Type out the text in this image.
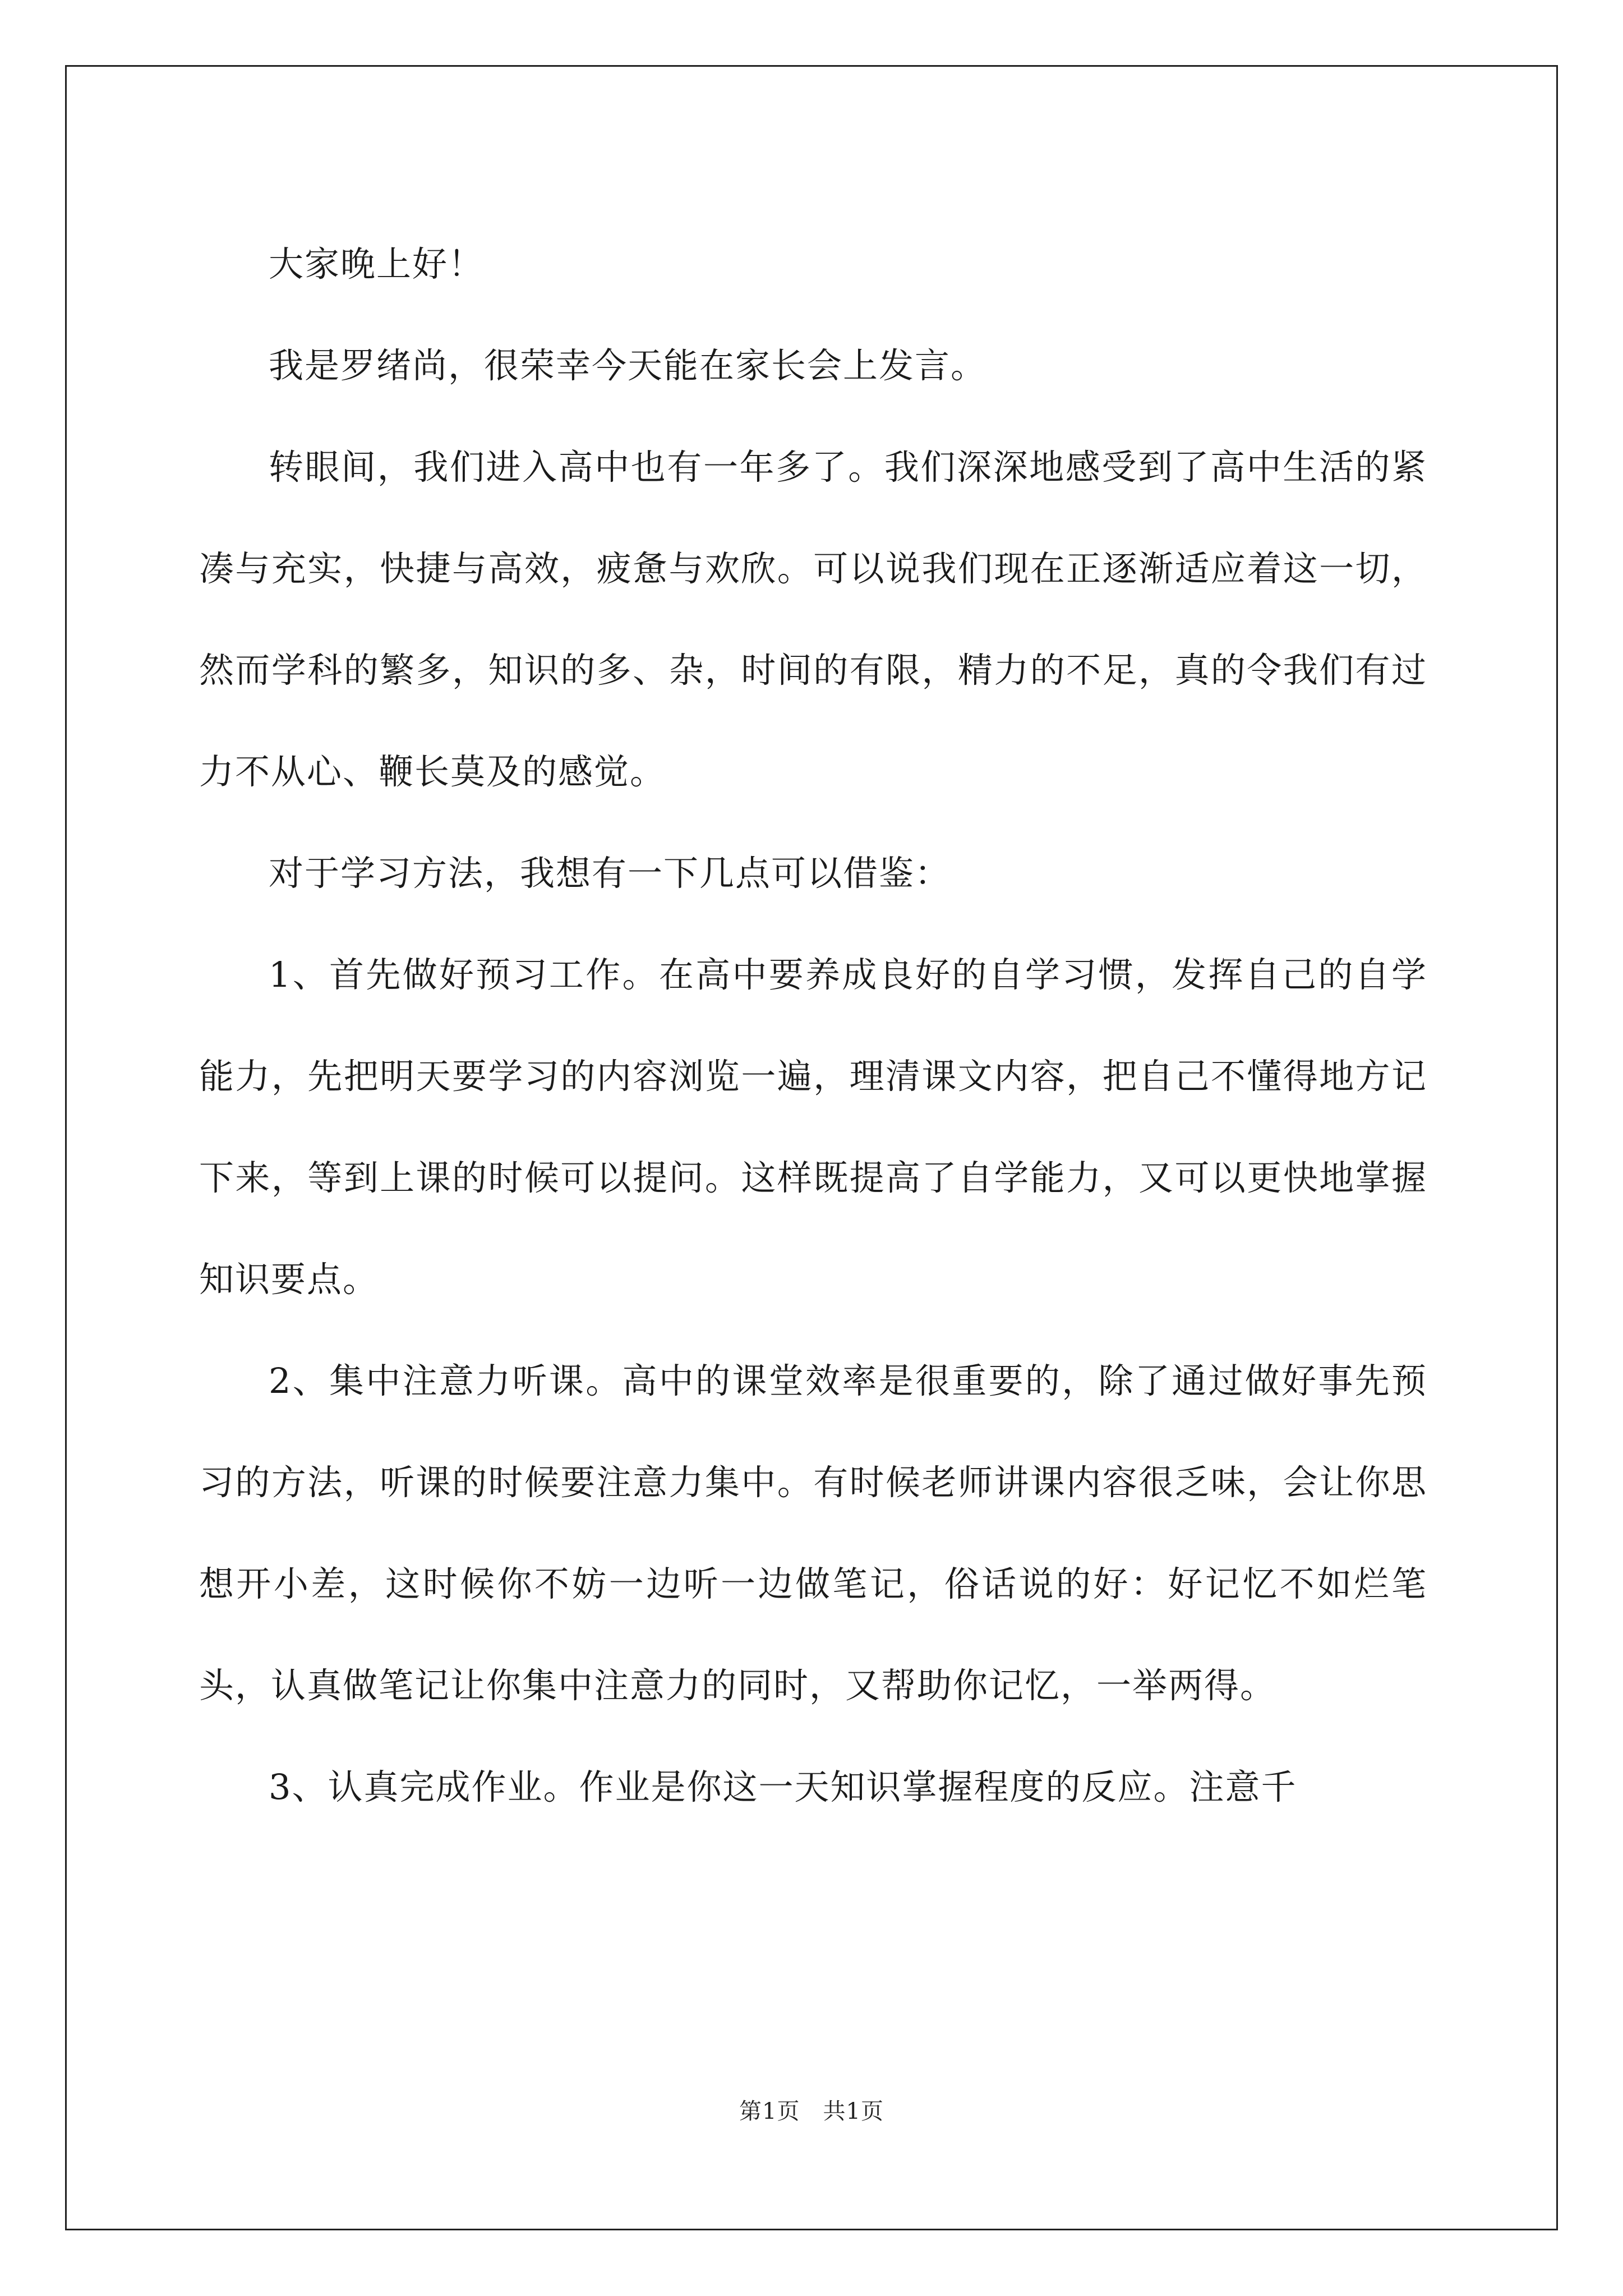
大家晚上好！

我是罗绪尚，很荣幸今天能在家长会上发言。

转眼间，我们进入高中也有一年多了。我们深深地感受到了高中生活的紧凑与充实，快捷与高效，疲惫与欢欣。可以说我们现在正逐渐适应着这一切，然而学科的繁多，知识的多、杂，时间的有限，精力的不足，真的令我们有过力不从心、鞭长莫及的感觉。

对于学习方法，我想有一下几点可以借鉴：

1、首先做好预习工作。在高中要养成良好的自学习惯，发挥自己的自学能力，先把明天要学习的内容浏览一遍，理清课文内容，把自己不懂得地方记下来，等到上课的时候可以提问。这样既提高了自学能力，又可以更快地掌握知识要点。

2、集中注意力听课。高中的课堂效率是很重要的，除了通过做好事先预习的方法，听课的时候要注意力集中。有时候老师讲课内容很乏味，会让你思想开小差，这时候你不妨一边听一边做笔记，俗话说的好：好记忆不如烂笔头，认真做笔记让你集中注意力的同时，又帮助你记忆，一举两得。

3、认真完成作业。作业是你这一天知识掌握程度的反应。注意千

第1页　共1页
